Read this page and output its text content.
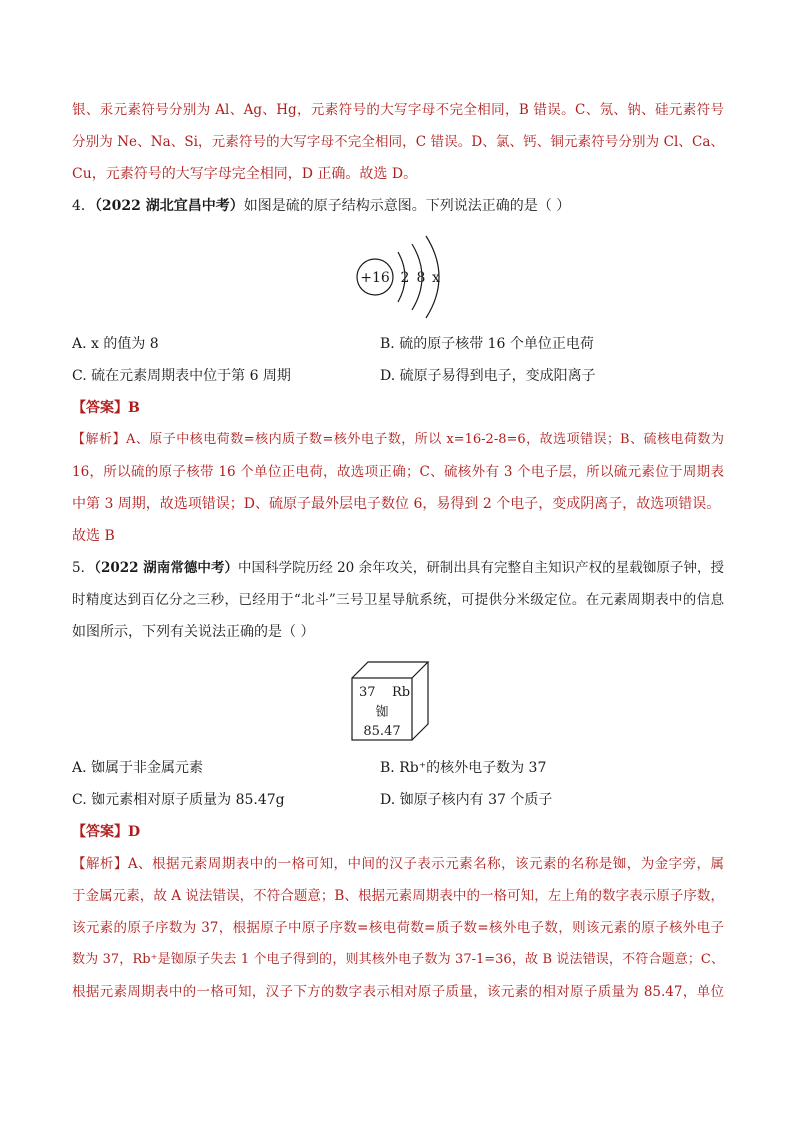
银、汞元素符号分别为 Al、Ag、Hg，元素符号的大写字母不完全相同，B 错误。C、氖、钠、硅元素符号
分别为 Ne、Na、Si，元素符号的大写字母不完全相同，C 错误。D、氯、钙、铜元素符号分别为 Cl、Ca、
Cu，元素符号的大写字母完全相同，D 正确。故选 D。
4．（2022 湖北宜昌中考）如图是硫的原子结构示意图。下列说法正确的是（ ）
+16 2 8 x
A. x 的值为 8	B. 硫的原子核带 16 个单位正电荷
C. 硫在元素周期表中位于第 6 周期	D. 硫原子易得到电子，变成阳离子
【答案】B
【解析】A、原子中核电荷数=核内质子数=核外电子数，所以 x=16-2-8=6，故选项错误；B、硫核电荷数为
16，所以硫的原子核带 16 个单位正电荷，故选项正确；C、硫核外有 3 个电子层，所以硫元素位于周期表
中第 3 周期，故选项错误；D、硫原子最外层电子数位 6，易得到 2 个电子，变成阴离子，故选项错误。
故选 B
5．（2022 湖南常德中考）中国科学院历经 20 余年攻关，研制出具有完整自主知识产权的星载铷原子钟，授
时精度达到百亿分之三秒，已经用于“北斗”三号卫星导航系统，可提供分米级定位。在元素周期表中的信息
如图所示，下列有关说法正确的是（ ）
37 Rb
铷
85.47
A. 铷属于非金属元素	B. Rb⁺的核外电子数为 37
C. 铷元素相对原子质量为 85.47g	D. 铷原子核内有 37 个质子
【答案】D
【解析】A、根据元素周期表中的一格可知，中间的汉子表示元素名称，该元素的名称是铷，为金字旁，属
于金属元素，故 A 说法错误，不符合题意；B、根据元素周期表中的一格可知，左上角的数字表示原子序数，
该元素的原子序数为 37，根据原子中原子序数=核电荷数=质子数=核外电子数，则该元素的原子核外电子
数为 37，Rb⁺是铷原子失去 1 个电子得到的，则其核外电子数为 37-1=36，故 B 说法错误，不符合题意；C、
根据元素周期表中的一格可知，汉子下方的数字表示相对原子质量，该元素的相对原子质量为 85.47，单位
